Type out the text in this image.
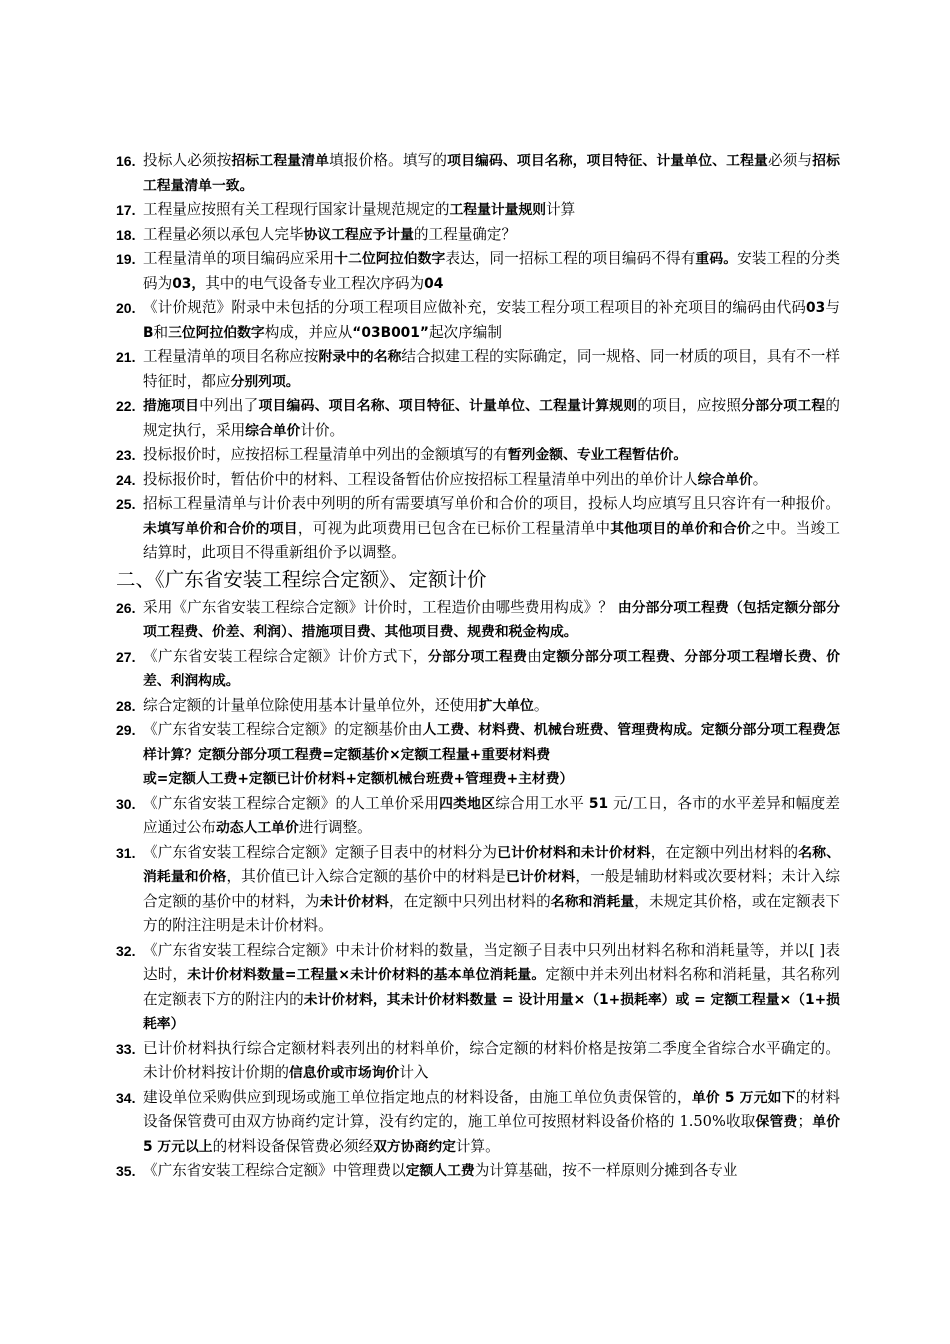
16. 投标人必须按招标工程量清单填报价格。填写的项目编码、项目名称，项目特征、计量单位、工程量必须与招标工程量清单一致。
17. 工程量应按照有关工程现行国家计量规范规定的工程量计量规则计算
18. 工程量必须以承包人完毕协议工程应予计量的工程量确定？
19. 工程量清单的项目编码应采用十二位阿拉伯数字表达，同一招标工程的项目编码不得有重码。安装工程的分类码为03，其中的电气设备专业工程次序码为04
20. 《计价规范》附录中未包括的分项工程项目应做补充，安装工程分项工程项目的补充项目的编码由代码03与B和三位阿拉伯数字构成，并应从“03B001”起次序编制
21. 工程量清单的项目名称应按附录中的名称结合拟建工程的实际确定，同一规格、同一材质的项目，具有不一样特征时，都应分别列项。
22. 措施项目中列出了项目编码、项目名称、项目特征、计量单位、工程量计算规则的项目，应按照分部分项工程的规定执行，采用综合单价计价。
23. 投标报价时，应按招标工程量清单中列出的金额填写的有暂列金额、专业工程暂估价。
24. 投标报价时，暂估价中的材料、工程设备暂估价应按招标工程量清单中列出的单价计人综合单价。
25. 招标工程量清单与计价表中列明的所有需要填写单价和合价的项目，投标人均应填写且只容许有一种报价。未填写单价和合价的项目，可视为此项费用已包含在已标价工程量清单中其他项目的单价和合价之中。当竣工结算时，此项目不得重新组价予以调整。
二、《广东省安装工程综合定额》、定额计价
26. 采用《广东省安装工程综合定额》计价时，工程造价由哪些费用构成》？ 由分部分项工程费（包括定额分部分项工程费、价差、利润）、措施项目费、其他项目费、规费和税金构成。
27. 《广东省安装工程综合定额》计价方式下，分部分项工程费由定额分部分项工程费、分部分项工程增长费、价差、利润构成。
28. 综合定额的计量单位除使用基本计量单位外，还使用扩大单位。
29. 《广东省安装工程综合定额》的定额基价由人工费、材料费、机械台班费、管理费构成。定额分部分项工程费怎样计算？定额分部分项工程费=定额基价×定额工程量+重要材料费
或=定额人工费+定额已计价材料+定额机械台班费+管理费+主材费）
30. 《广东省安装工程综合定额》的人工单价采用四类地区综合用工水平 51 元/工日，各市的水平差异和幅度差应通过公布动态人工单价进行调整。
31. 《广东省安装工程综合定额》定额子目表中的材料分为已计价材料和未计价材料，在定额中列出材料的名称、消耗量和价格，其价值已计入综合定额的基价中的材料是已计价材料，一般是辅助材料或次要材料；未计入综合定额的基价中的材料，为未计价材料，在定额中只列出材料的名称和消耗量，未规定其价格，或在定额表下方的附注注明是未计价材料。
32. 《广东省安装工程综合定额》中未计价材料的数量，当定额子目表中只列出材料名称和消耗量等，并以[ ]表达时，未计价材料数量=工程量×未计价材料的基本单位消耗量。定额中并未列出材料名称和消耗量，其名称列在定额表下方的附注内的未计价材料，其未计价材料数量 = 设计用量×（1+损耗率）或 = 定额工程量×（1+损耗率）
33. 已计价材料执行综合定额材料表列出的材料单价，综合定额的材料价格是按第二季度全省综合水平确定的。未计价材料按计价期的信息价或市场询价计入
34. 建设单位采购供应到现场或施工单位指定地点的材料设备，由施工单位负责保管的，单价 5 万元如下的材料设备保管费可由双方协商约定计算，没有约定的，施工单位可按照材料设备价格的 1.50%收取保管费；单价 5 万元以上的材料设备保管费必须经双方协商约定计算。
35. 《广东省安装工程综合定额》中管理费以定额人工费为计算基础，按不一样原则分摊到各专业
